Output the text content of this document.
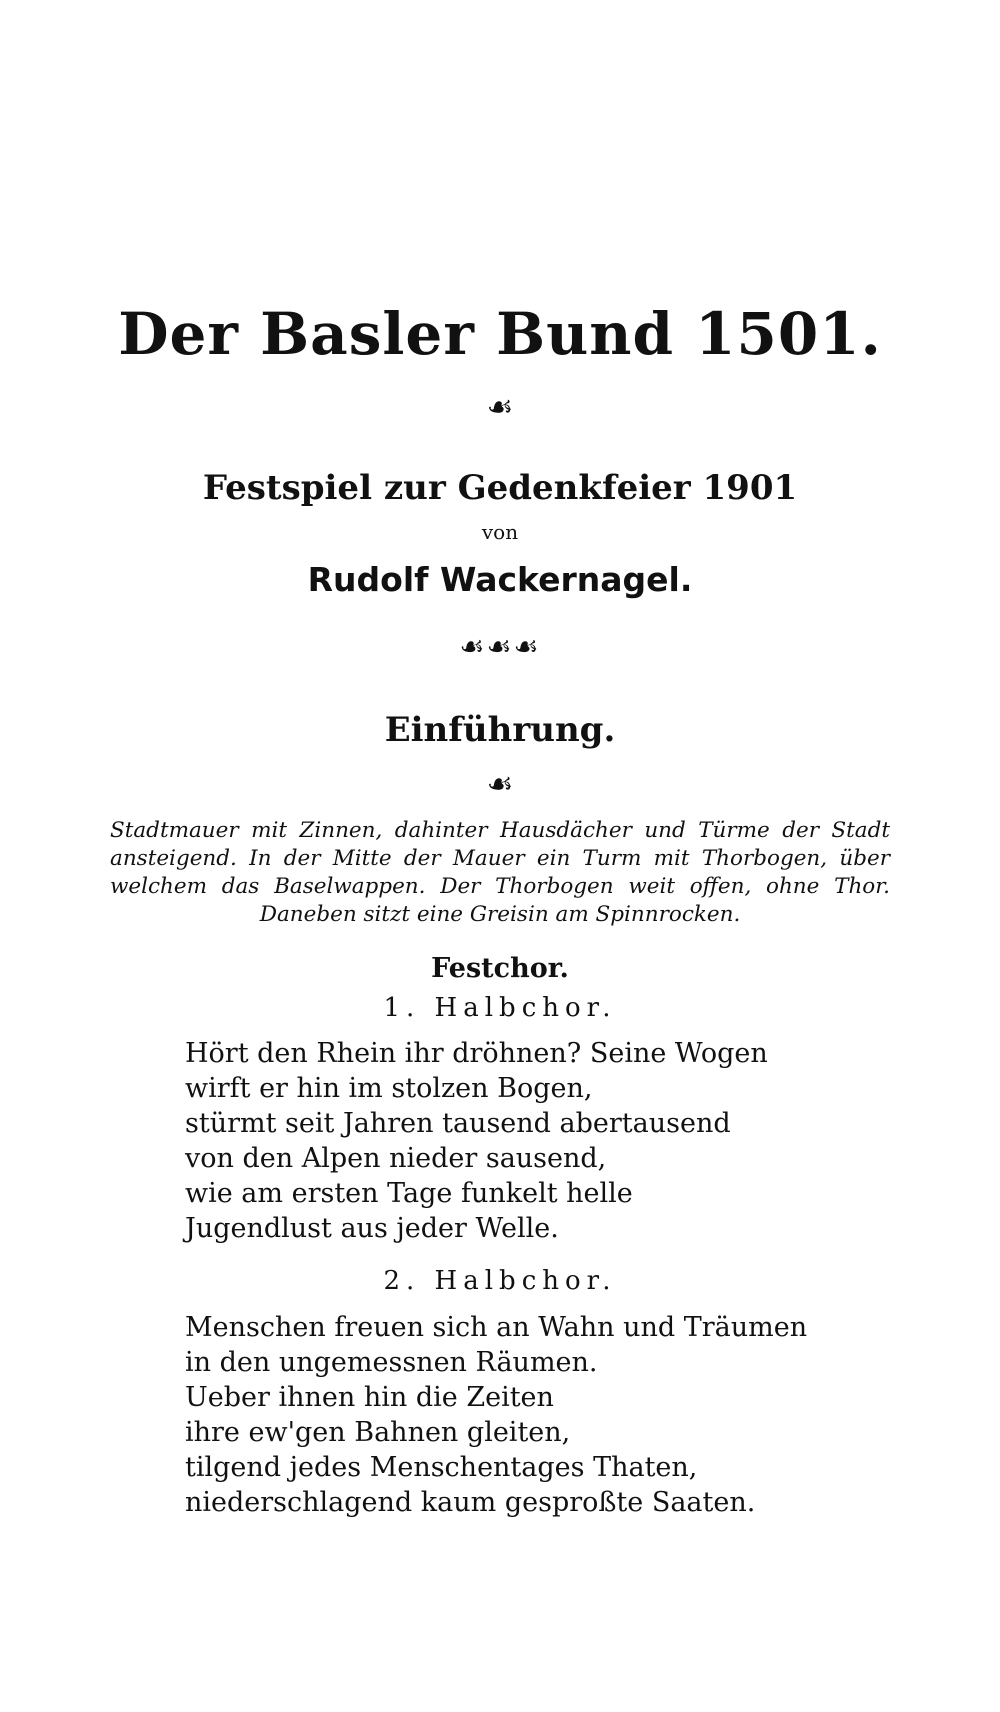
Der Basler Bund 1501.
☙
Festspiel zur Gedenkfeier 1901
von
Rudolf Wackernagel.
☙☙☙
Einführung.
☙
Stadtmauer mit Zinnen, dahinter Hausdächer und Türme der Stadt
ansteigend. In der Mitte der Mauer ein Turm mit Thorbogen, über
welchem das Baselwappen. Der Thorbogen weit offen, ohne Thor.
Daneben sitzt eine Greisin am Spinnrocken.
Festchor.
1. Halbchor.
Hört den Rhein ihr dröhnen? Seine Wogen
wirft er hin im stolzen Bogen,
stürmt seit Jahren tausend abertausend
von den Alpen nieder sausend,
wie am ersten Tage funkelt helle
Jugendlust aus jeder Welle.
2. Halbchor.
Menschen freuen sich an Wahn und Träumen
in den ungemessnen Räumen.
Ueber ihnen hin die Zeiten
ihre ew'gen Bahnen gleiten,
tilgend jedes Menschentages Thaten,
niederschlagend kaum gesproßte Saaten.
